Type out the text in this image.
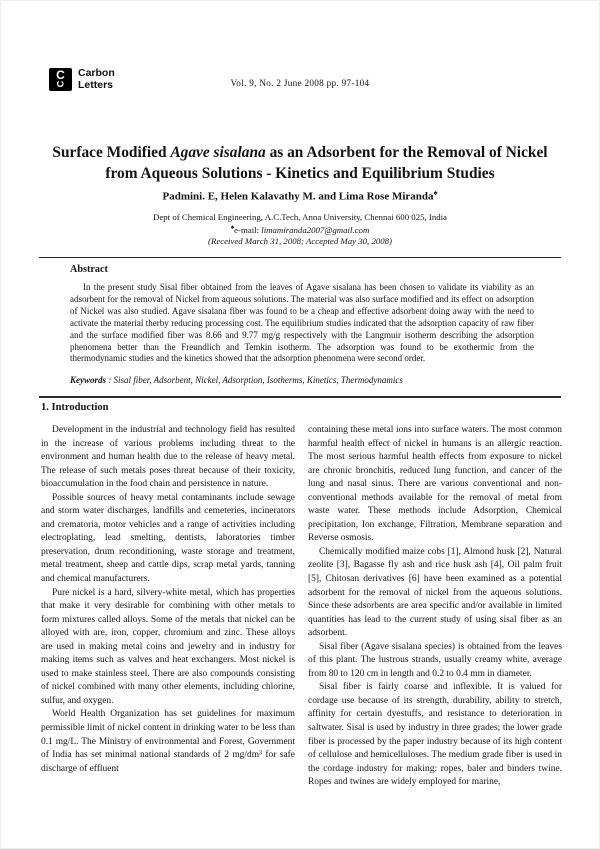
C
C
Carbon
Letters	Vol. 9, No. 2 June 2008 pp. 97-104
Surface Modified Agave sisalana as an Adsorbent for the Removal of Nickel from Aqueous Solutions - Kinetics and Equilibrium Studies
Padmini. E, Helen Kalavathy M. and Lima Rose Miranda♠
Dept of Chemical Engineering, A.C.Tech, Anna University, Chennai 600 025, India
♠e-mail: limamiranda2007@gmail.com
(Received March 31, 2008; Accepted May 30, 2008)
Abstract

In the present study Sisal fiber obtained from the leaves of Agave sisalana has been chosen to validate its viability as an adsorbent for the removal of Nickel from aqueous solutions. The material was also surface modified and its effect on adsorption of Nickel was also studied. Agave sisalana fiber was found to be a cheap and effective adsorbent doing away with the need to activate the material therby reducing processing cost. The equilibrium studies indicated that the adsorption capacity of raw fiber and the surface modified fiber was 8.66 and 9.77 mg/g respectively with the Langmuir isotherm describing the adsorption phenomena better than the Freundlich and Temkin isotherm. The adsorption was found to be exothermic from the thermodynamic studies and the kinetics showed that the adsorption phenomena were second order.

Keywords : Sisal fiber, Adsorbent, Nickel, Adsorption, Isotherms, Kinetics, Thermodynamics

1. Introduction

Development in the industrial and technology field has resulted in the increase of various problems including threat to the environment and human health due to the release of heavy metal. The release of such metals poses threat because of their toxicity, bioaccumulation in the food chain and persistence in nature.

Possible sources of heavy metal contaminants include sewage and storm water discharges, landfills and cemeteries, incinerators and crematoria, motor vehicles and a range of activities including electroplating, lead smelting, dentists, laboratories timber preservation, drum reconditioning, waste storage and treatment, metal treatment, sheep and cattle dips, scrap metal yards, tanning and chemical manufacturers.

Pure nickel is a hard, silvery-white metal, which has properties that make it very desirable for combining with other metals to form mixtures called alloys. Some of the metals that nickel can be alloyed with are, iron, copper, chromium and zinc. These alloys are used in making metal coins and jewelry and in industry for making items such as valves and heat exchangers. Most nickel is used to make stainless steel. There are also compounds consisting of nickel combined with many other elements, including chlorine, sulfur, and oxygen.

World Health Organization has set guidelines for maximum permissible limit of nickel content in drinking water to be less than 0.1 mg/L. The Ministry of environmental and Forest, Government of India has set minimal national standards of 2 mg/dm³ for safe discharge of effluent

containing these metal ions into surface waters. The most common harmful health effect of nickel in humans is an allergic reaction. The most serious harmful health effects from exposure to nickel are chronic bronchitis, reduced lung function, and cancer of the lung and nasal sinus. There are various conventional and non-conventional methods available for the removal of metal from waste water. These methods include Adsorption, Chemical precipitation, Ion exchange, Filtration, Membrane separation and Reverse osmosis.

Chemically modified maize cobs [1], Almond husk [2], Natural zeolite [3], Bagasse fly ash and rice husk ash [4], Oil palm fruit [5], Chitosan derivatives [6] have been examined as a potential adsorbent for the removal of nickel from the aqueous solutions. Since these adsorbents are area specific and/or available in limited quantities has lead to the current study of using sisal fiber as an adsorbent.

Sisal fiber (Agave sisalana species) is obtained from the leaves of this plant. The lustrous strands, usually creamy white, average from 80 to 120 cm in length and 0.2 to 0.4 mm in diameter.

Sisal fiber is fairly coarse and inflexible. It is valued for cordage use because of its strength, durability, ability to stretch, affinity for certain dyestuffs, and resistance to deterioration in saltwater. Sisal is used by industry in three grades; the lower grade fiber is processed by the paper industry because of its high content of cellulose and hemicelluloses. The medium grade fiber is used in the cordage industry for making: ropes, baler and binders twine. Ropes and twines are widely employed for marine,
